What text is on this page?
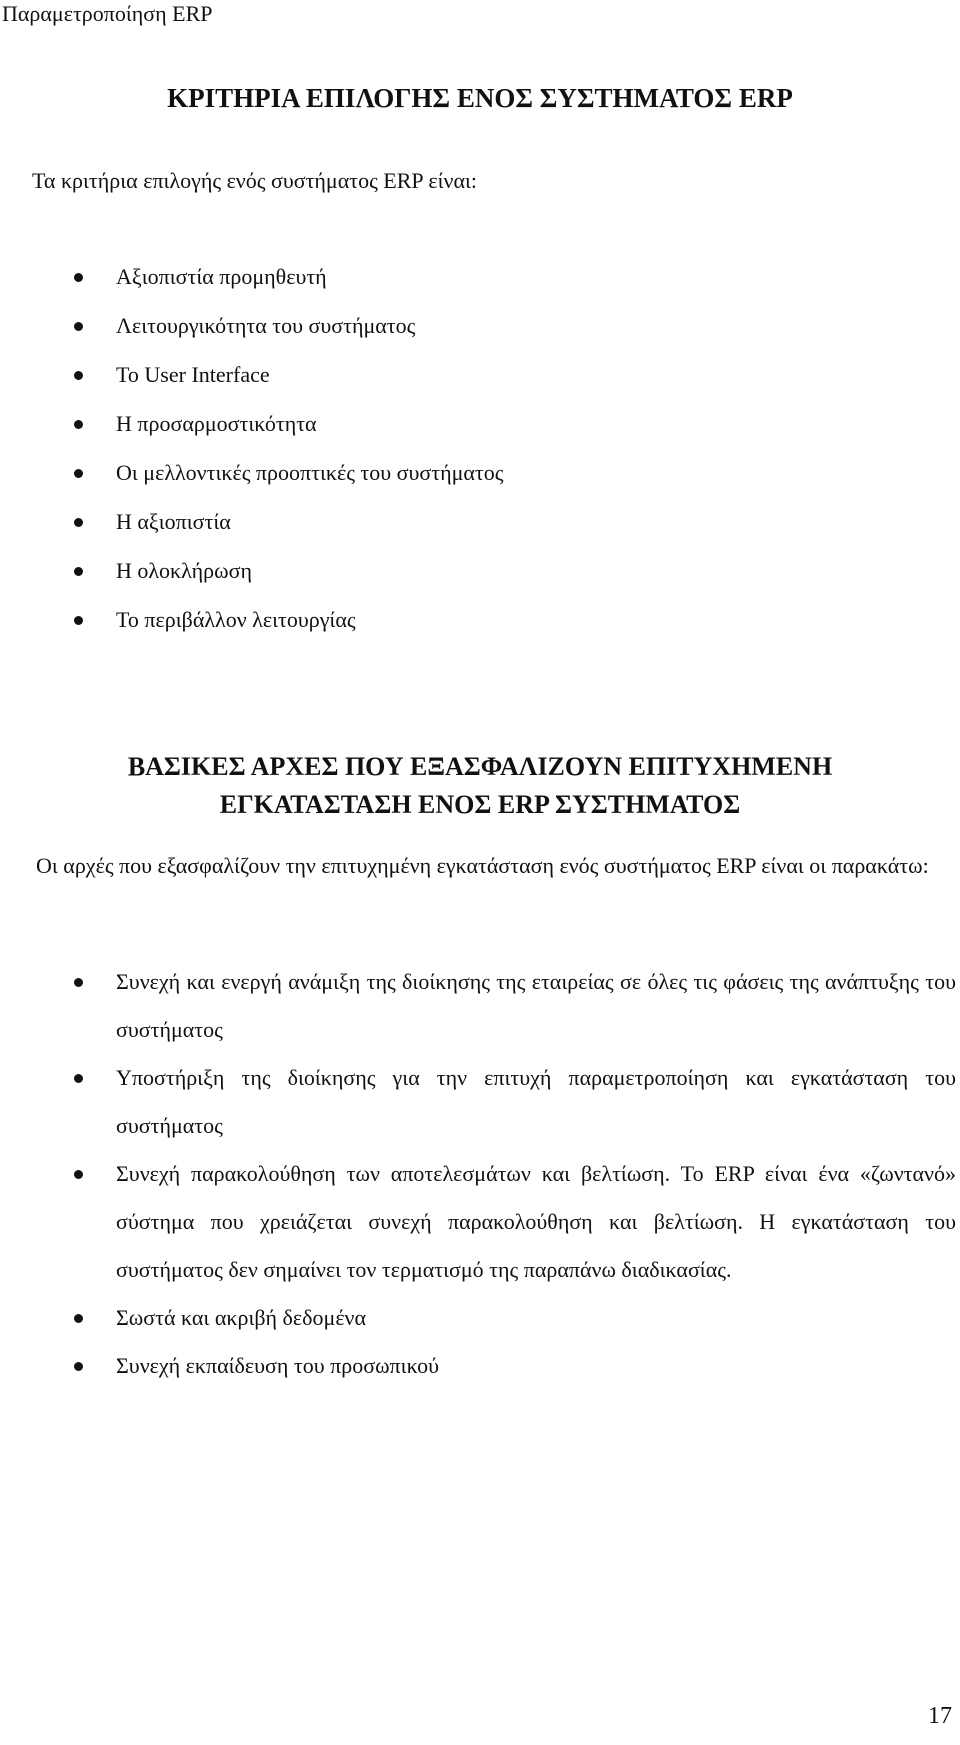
Παραμετροποίηση ERP

ΚΡΙΤΗΡΙΑ ΕΠΙΛΟΓΗΣ ΕΝΟΣ ΣΥΣΤΗΜΑΤΟΣ ERP

Τα κριτήρια επιλογής ενός συστήματος ERP είναι:

Αξιοπιστία προμηθευτή
Λειτουργικότητα του συστήματος
Το User Interface
Η προσαρμοστικότητα
Οι μελλοντικές προοπτικές του συστήματος
Η αξιοπιστία
Η ολοκλήρωση
Το περιβάλλον λειτουργίας
ΒΑΣΙΚΕΣ ΑΡΧΕΣ ΠΟΥ ΕΞΑΣΦΑΛΙΖΟΥΝ ΕΠΙΤΥΧΗΜΕΝΗ ΕΓΚΑΤΑΣΤΑΣΗ ΕΝΟΣ ERP ΣΥΣΤΗΜΑΤΟΣ

Οι αρχές που εξασφαλίζουν την επιτυχημένη εγκατάσταση ενός συστήματος ERP είναι οι παρακάτω:

Συνεχή και ενεργή ανάμιξη της διοίκησης της εταιρείας σε όλες τις φάσεις της ανάπτυξης του συστήματος
Υποστήριξη της διοίκησης για την επιτυχή παραμετροποίηση και εγκατάσταση του συστήματος
Συνεχή παρακολούθηση των αποτελεσμάτων και βελτίωση. Το ERP είναι ένα «ζωντανό» σύστημα που χρειάζεται συνεχή παρακολούθηση και βελτίωση. Η εγκατάσταση του συστήματος δεν σημαίνει τον τερματισμό της παραπάνω διαδικασίας.
Σωστά και ακριβή δεδομένα
Συνεχή εκπαίδευση του προσωπικού

17
